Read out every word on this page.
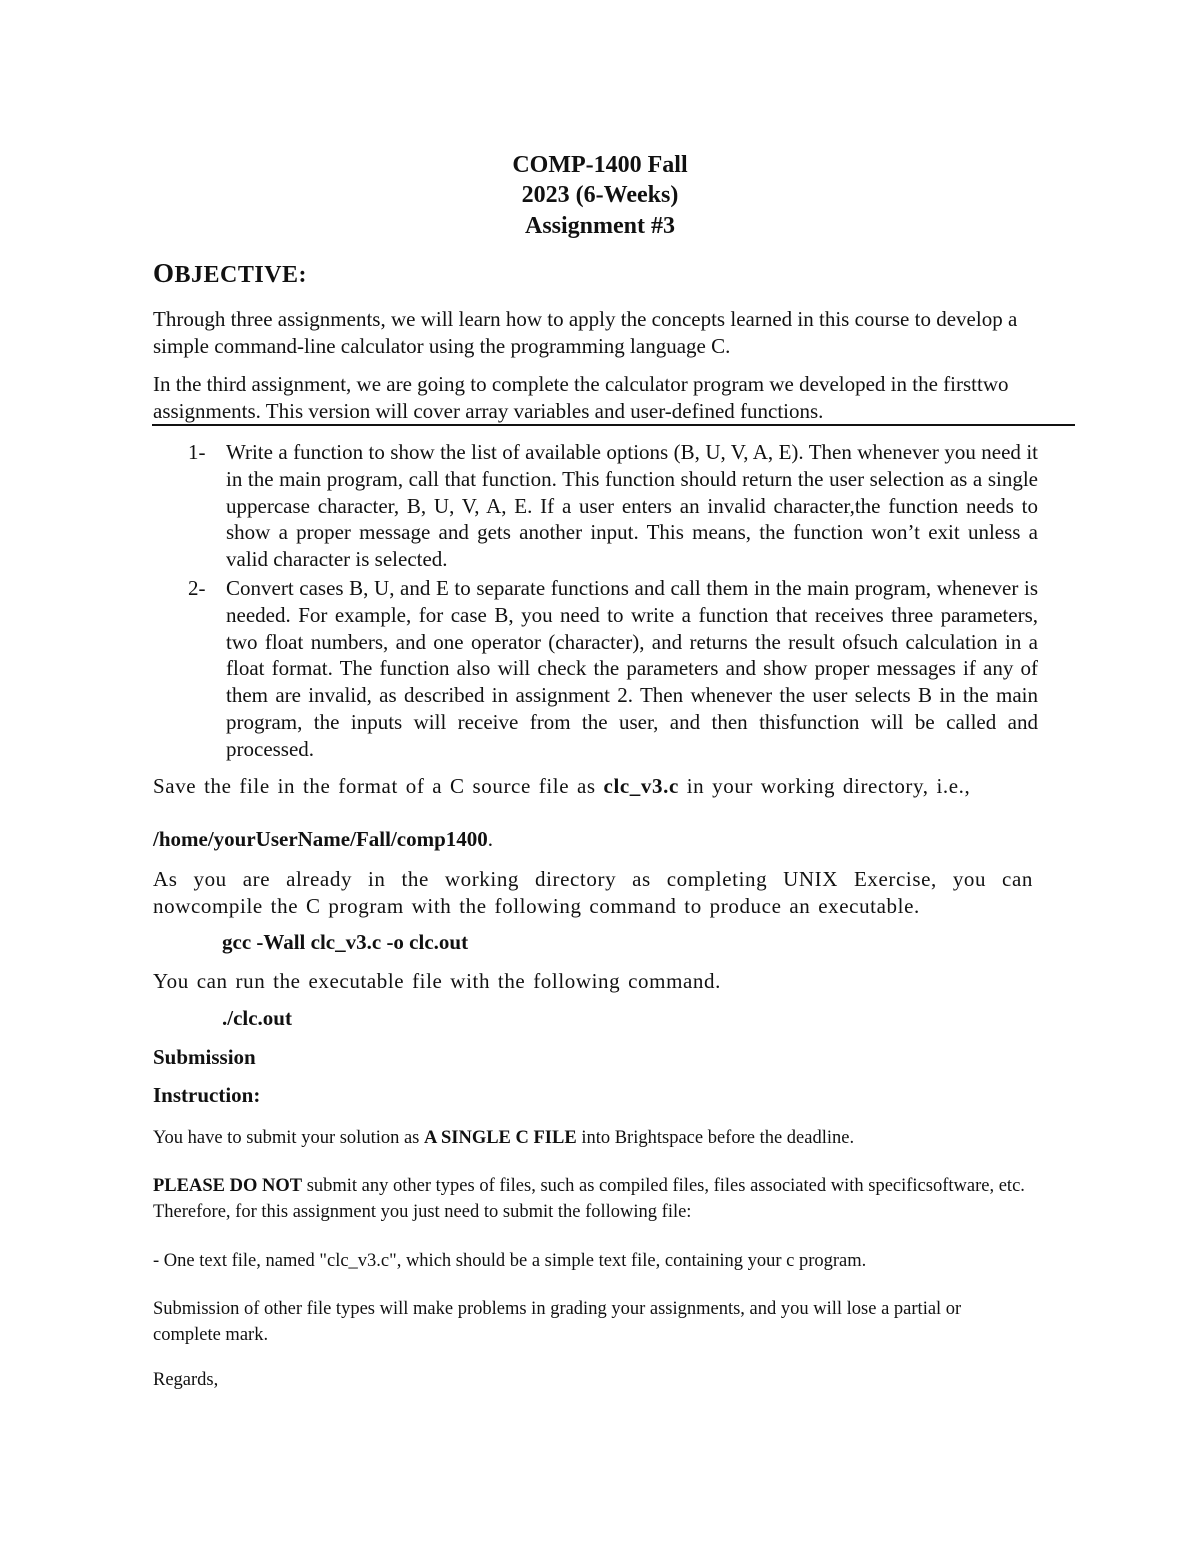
COMP-1400 Fall
2023 (6-Weeks)
Assignment #3
OBJECTIVE:

Through three assignments, we will learn how to apply the concepts learned in this course to develop a simple command-line calculator using the programming language C.

In the third assignment, we are going to complete the calculator program we developed in the firsttwo assignments. This version will cover array variables and user-defined functions.

1- Write a function to show the list of available options (B, U, V, A, E). Then whenever you need it in the main program, call that function. This function should return the user selection as a single uppercase character, B, U, V, A, E. If a user enters an invalid character,the function needs to show a proper message and gets another input. This means, the function won’t exit unless a valid character is selected.
2- Convert cases B, U, and E to separate functions and call them in the main program, whenever is needed. For example, for case B, you need to write a function that receives three parameters, two float numbers, and one operator (character), and returns the result ofsuch calculation in a float format. The function also will check the parameters and show proper messages if any of them are invalid, as described in assignment 2. Then whenever the user selects B in the main program, the inputs will receive from the user, and then thisfunction will be called and processed.

Save the file in the format of a C source file as clc_v3.c in your working directory, i.e.,

/home/yourUserName/Fall/comp1400.

As you are already in the working directory as completing UNIX Exercise, you can nowcompile the C program with the following command to produce an executable.

gcc -Wall clc_v3.c -o clc.out

You can run the executable file with the following command.

./clc.out
Submission
Instruction:

You have to submit your solution as A SINGLE C FILE into Brightspace before the deadline.

PLEASE DO NOT submit any other types of files, such as compiled files, files associated with specificsoftware, etc. Therefore, for this assignment you just need to submit the following file:

- One text file, named "clc_v3.c", which should be a simple text file, containing your c program.

Submission of other file types will make problems in grading your assignments, and you will lose a partial or complete mark.

Regards,
